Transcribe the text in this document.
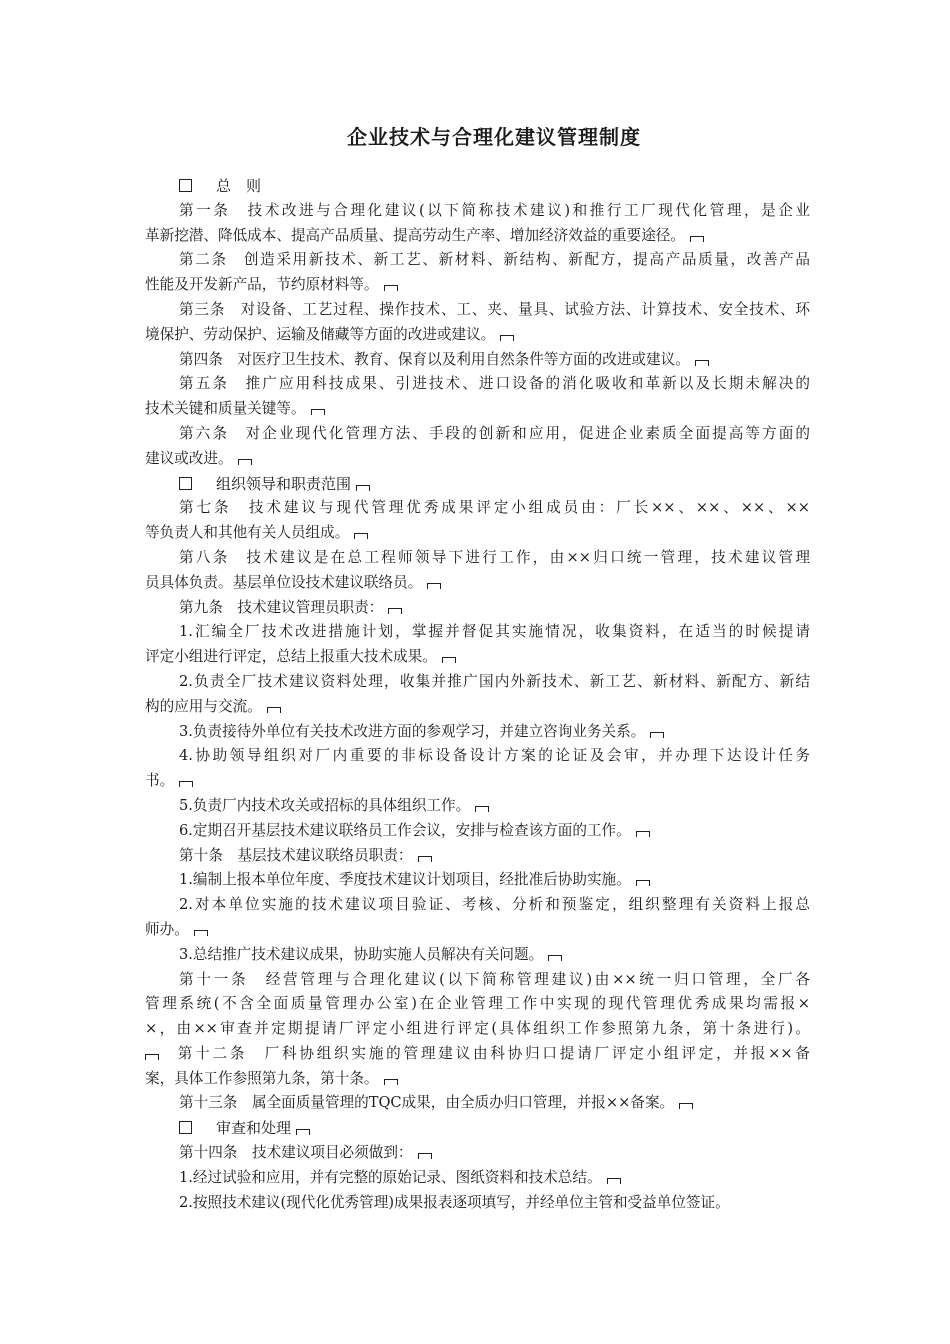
企业技术与合理化建议管理制度
总　则
第一条　技术改进与合理化建议(以下简称技术建议)和推行工厂现代化管理，是企业
革新挖潜、降低成本、提高产品质量、提高劳动生产率、增加经济效益的重要途径。
第二条　创造采用新技术、新工艺、新材料、新结构、新配方，提高产品质量，改善产品
性能及开发新产品，节约原材料等。
第三条　对设备、工艺过程、操作技术、工、夹、量具、试验方法、计算技术、安全技术、环
境保护、劳动保护、运输及储藏等方面的改进或建议。
第四条　对医疗卫生技术、教育、保育以及利用自然条件等方面的改进或建议。
第五条　推广应用科技成果、引进技术、进口设备的消化吸收和革新以及长期未解决的
技术关键和质量关键等。
第六条　对企业现代化管理方法、手段的创新和应用，促进企业素质全面提高等方面的
建议或改进。
组织领导和职责范围
第七条　技术建议与现代管理优秀成果评定小组成员由：厂长××、××、××、××
等负责人和其他有关人员组成。
第八条　技术建议是在总工程师领导下进行工作，由××归口统一管理，技术建议管理
员具体负责。基层单位设技术建议联络员。
第九条　技术建议管理员职责：
1.汇编全厂技术改进措施计划，掌握并督促其实施情况，收集资料，在适当的时候提请
评定小组进行评定，总结上报重大技术成果。
2.负责全厂技术建议资料处理，收集并推广国内外新技术、新工艺、新材料、新配方、新结
构的应用与交流。
3.负责接待外单位有关技术改进方面的参观学习，并建立咨询业务关系。
4.协助领导组织对厂内重要的非标设备设计方案的论证及会审，并办理下达设计任务
书。
5.负责厂内技术攻关或招标的具体组织工作。
6.定期召开基层技术建议联络员工作会议，安排与检查该方面的工作。
第十条　基层技术建议联络员职责：
1.编制上报本单位年度、季度技术建议计划项目，经批准后协助实施。
2.对本单位实施的技术建议项目验证、考核、分析和预鉴定，组织整理有关资料上报总
师办。
3.总结推广技术建议成果，协助实施人员解决有关问题。
第十一条　经营管理与合理化建议(以下简称管理建议)由××统一归口管理，全厂各
管理系统(不含全面质量管理办公室)在企业管理工作中实现的现代管理优秀成果均需报×
×，由××审查并定期提请厂评定小组进行评定(具体组织工作参照第九条，第十条进行)。
第十二条　厂科协组织实施的管理建议由科协归口提请厂评定小组评定，并报××备
案，具体工作参照第九条，第十条。
第十三条　属全面质量管理的TQC成果，由全质办归口管理，并报××备案。
审查和处理
第十四条　技术建议项目必须做到：
1.经过试验和应用，并有完整的原始记录、图纸资料和技术总结。
2.按照技术建议(现代化优秀管理)成果报表逐项填写，并经单位主管和受益单位签证。
